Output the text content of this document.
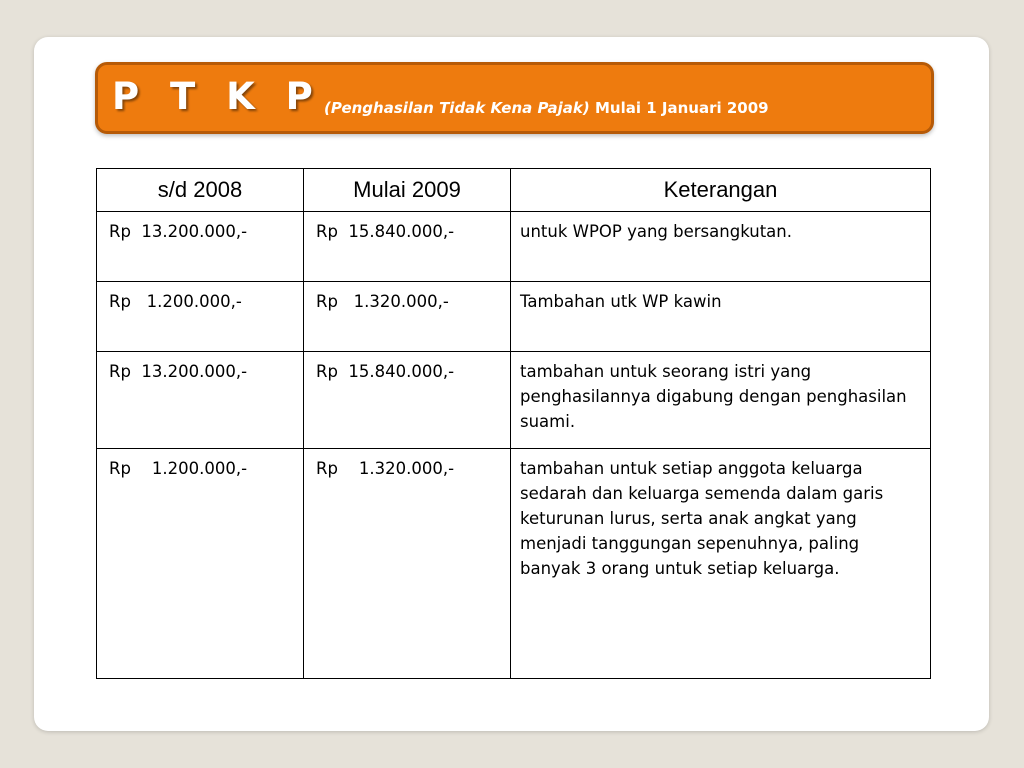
P T K P (Penghasilan Tidak Kena Pajak) Mulai 1 Januari 2009
s/d 2008	Mulai 2009	Keterangan
Rp  13.200.000,-	Rp  15.840.000,-	untuk WPOP yang bersangkutan.
Rp   1.200.000,-	Rp   1.320.000,-	Tambahan utk WP kawin
Rp  13.200.000,-	Rp  15.840.000,-	tambahan untuk seorang istri yang penghasilannya digabung dengan penghasilan suami.
Rp    1.200.000,-	Rp    1.320.000,-	tambahan untuk setiap anggota keluarga sedarah dan keluarga semenda dalam garis keturunan lurus, serta anak angkat yang menjadi tanggungan sepenuhnya, paling banyak 3 orang untuk setiap keluarga.
